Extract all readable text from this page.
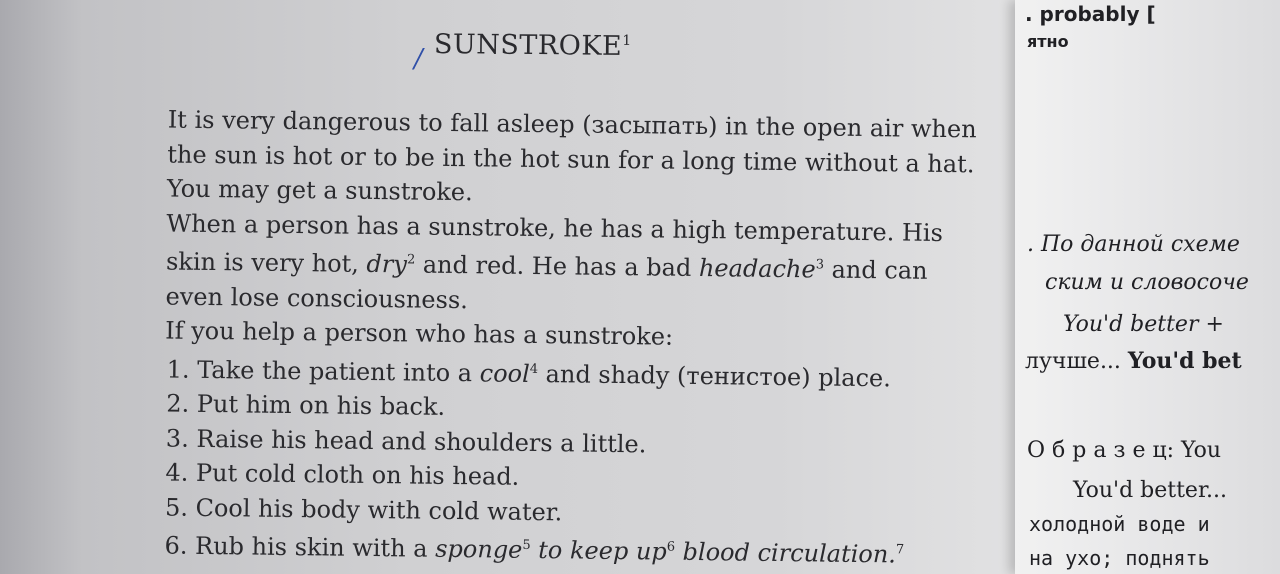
/ SUNSTROKE$^1$

It is very dangerous to fall asleep (засыпать) in the open air when the sun is hot or to be in the hot sun for a long time without a hat. You may get a sunstroke.

When a person has a sunstroke, he has a high temperature. His skin is very hot, dry$^2$ and red. He has a bad headache$^3$ and can even lose consciousness.

If you help a person who has a sunstroke:

1. Take the patient into a cool$^4$ and shady (тенистое) place.

2. Put him on his back.

3. Raise his head and shoulders a little.

4. Put cold cloth on his head.

5. Cool his body with cold water.

6. Rub his skin with a sponge$^5$ to keep $up^6$ blood circulation.$^7$

. probably [
ятно
. По данной схеме
ским и словосоче
You'd better +
лучше... You'd bet
О б р а з е ц: You
You'd better...
холодной воде и
на ухо; поднять
